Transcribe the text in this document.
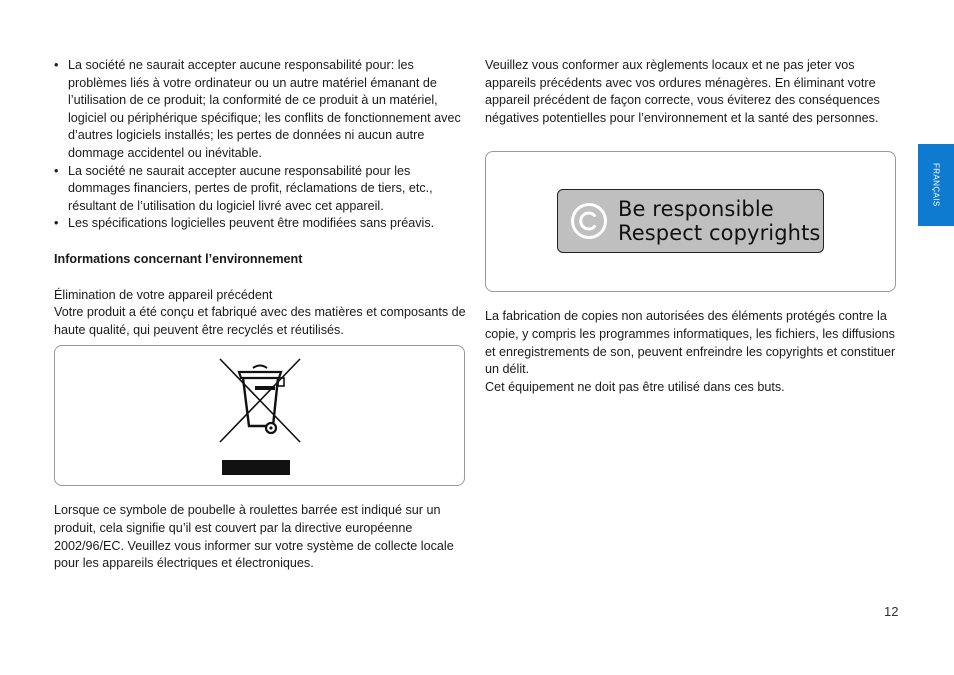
• La société ne saurait accepter aucune responsabilité pour: les problèmes liés à votre ordinateur ou un autre matériel émanant de l’utilisation de ce produit; la conformité de ce produit à un matériel, logiciel ou périphérique spécifique; les conflits de fonctionnement avec d’autres logiciels installés; les pertes de données ni aucun autre dommage accidentel ou inévitable.
• La société ne saurait accepter aucune responsabilité pour les dommages financiers, pertes de profit, réclamations de tiers, etc., résultant de l’utilisation du logiciel livré avec cet appareil.
• Les spécifications logicielles peuvent être modifiées sans préavis.

Informations concernant l’environnement

Élimination de votre appareil précédent

Votre produit a été conçu et fabriqué avec des matières et composants de haute qualité, qui peuvent être recyclés et réutilisés.

Lorsque ce symbole de poubelle à roulettes barrée est indiqué sur un produit, cela signifie qu’il est couvert par la directive européenne 2002/96/EC. Veuillez vous informer sur votre système de collecte locale pour les appareils électriques et électroniques.

Veuillez vous conformer aux règlements locaux et ne pas jeter vos appareils précédents avec vos ordures ménagères. En éliminant votre appareil précédent de façon correcte, vous éviterez des conséquences négatives potentielles pour l’environnement et la santé des personnes.

Be responsible
Respect copyrights

La fabrication de copies non autorisées des éléments protégés contre la copie, y compris les programmes informatiques, les fichiers, les diffusions et enregistrements de son, peuvent enfreindre les copyrights et constituer un délit.

Cet équipement ne doit pas être utilisé dans ces buts.

FRANÇAIS
12
